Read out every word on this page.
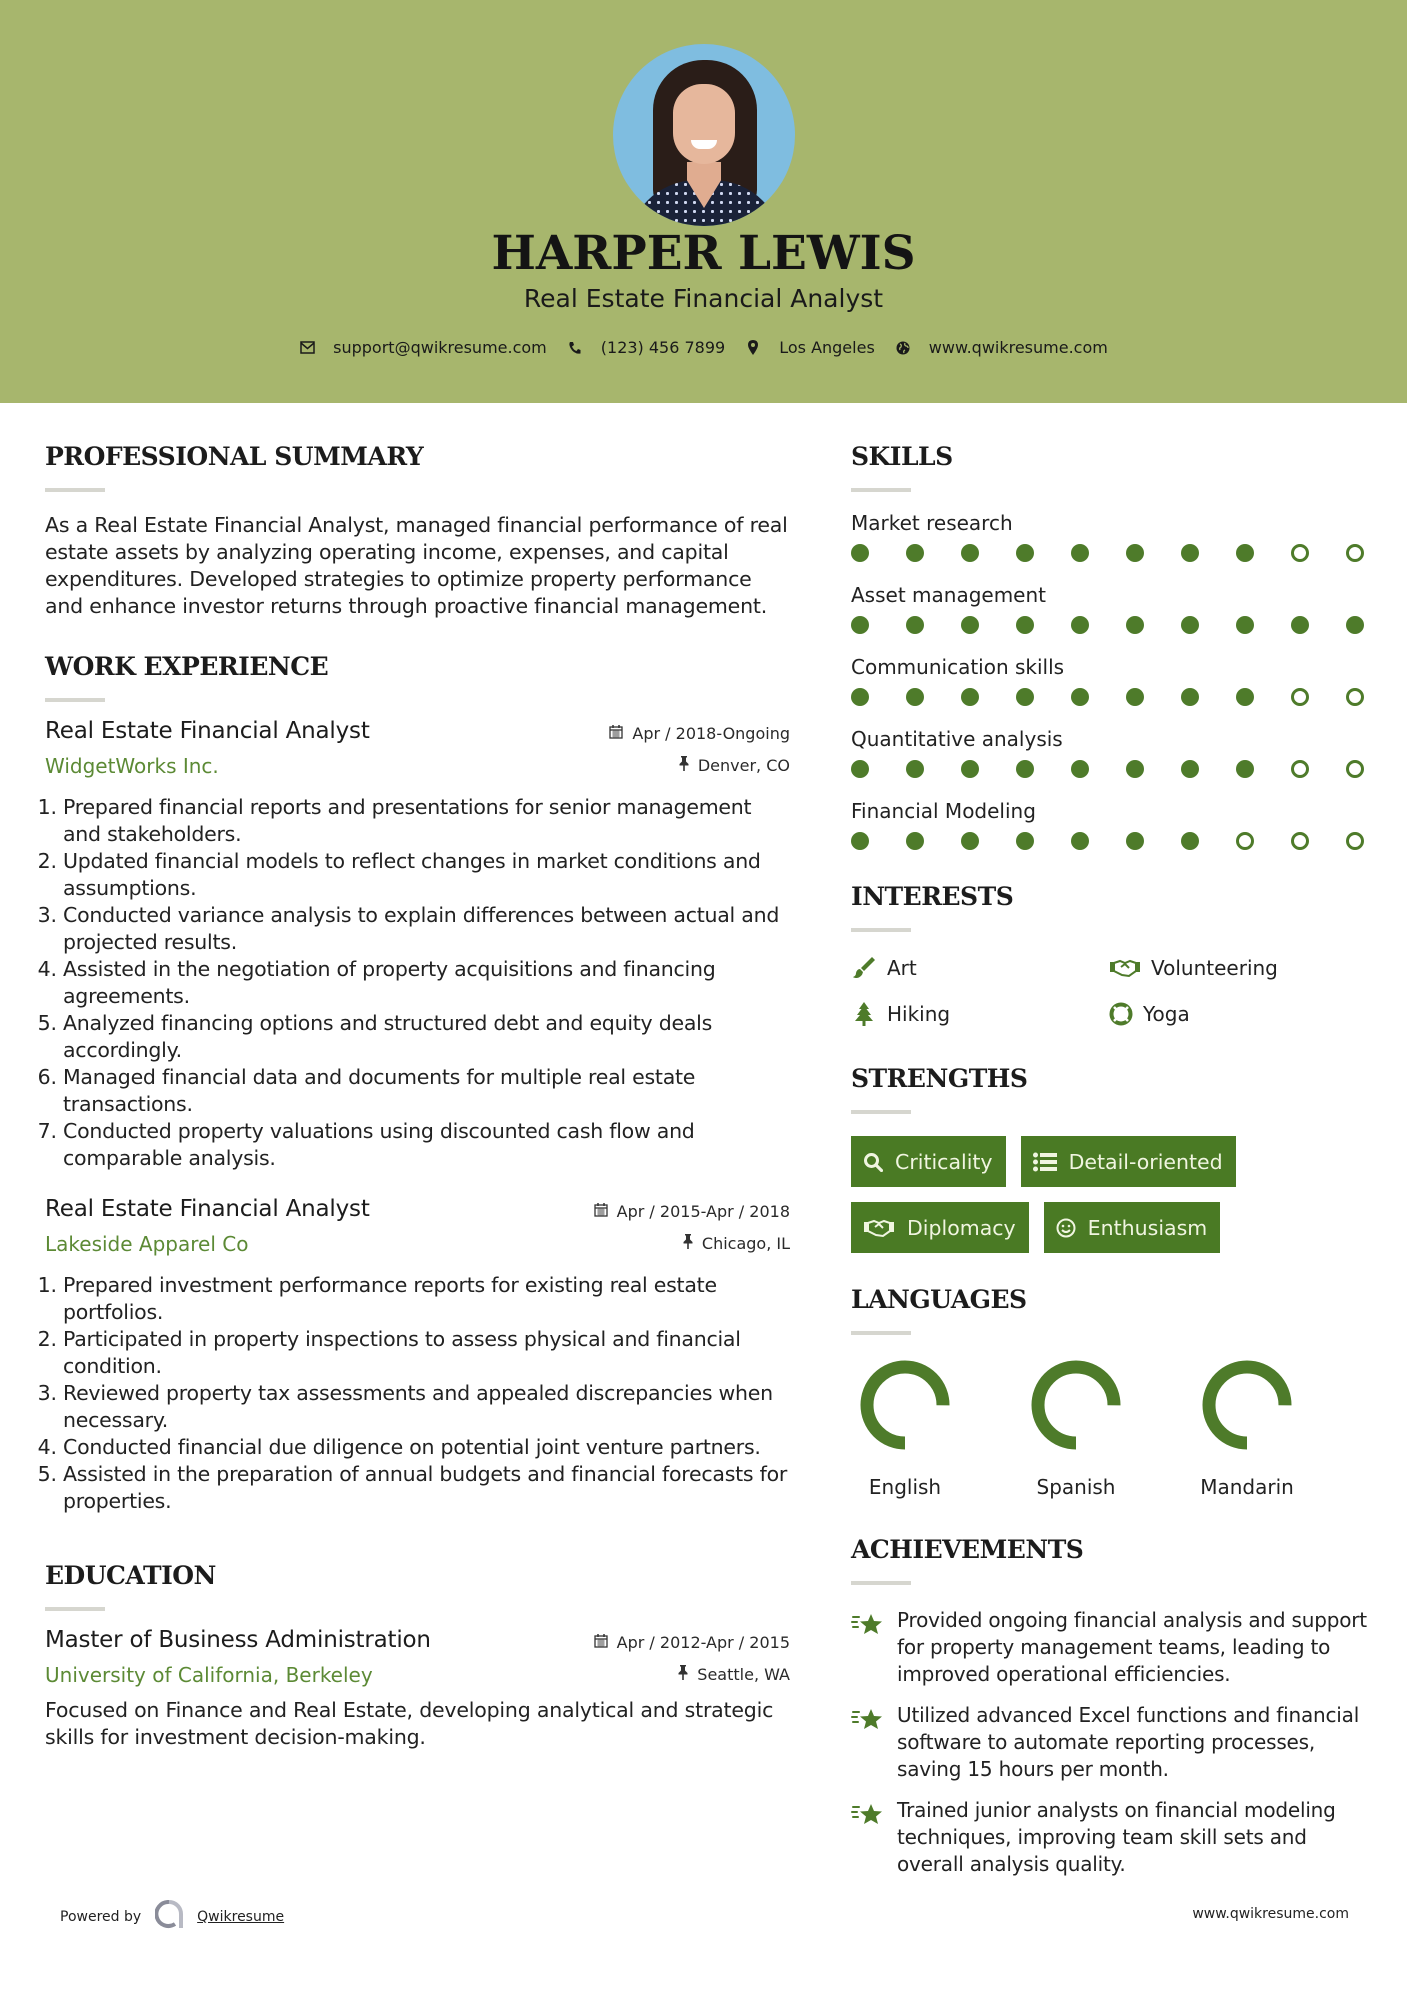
HARPER LEWIS
Real Estate Financial Analyst
support@qwikresume.com	(123) 456 7899	Los Angeles	www.qwikresume.com
PROFESSIONAL SUMMARY

As a Real Estate Financial Analyst, managed financial performance of real estate assets by analyzing operating income, expenses, and capital expenditures. Developed strategies to optimize property performance and enhance investor returns through proactive financial management.

WORK EXPERIENCE
Real Estate Financial Analyst	Apr / 2018-Ongoing
WidgetWorks Inc.	Denver, CO
1. Prepared financial reports and presentations for senior management and stakeholders.
2. Updated financial models to reflect changes in market conditions and assumptions.
3. Conducted variance analysis to explain differences between actual and projected results.
4. Assisted in the negotiation of property acquisitions and financing agreements.
5. Analyzed financing options and structured debt and equity deals accordingly.
6. Managed financial data and documents for multiple real estate transactions.
7. Conducted property valuations using discounted cash flow and comparable analysis.
Real Estate Financial Analyst	Apr / 2015-Apr / 2018
Lakeside Apparel Co	Chicago, IL
1. Prepared investment performance reports for existing real estate portfolios.
2. Participated in property inspections to assess physical and financial condition.
3. Reviewed property tax assessments and appealed discrepancies when necessary.
4. Conducted financial due diligence on potential joint venture partners.
5. Assisted in the preparation of annual budgets and financial forecasts for properties.
EDUCATION
Master of Business Administration	Apr / 2012-Apr / 2015
University of California, Berkeley	Seattle, WA

Focused on Finance and Real Estate, developing analytical and strategic skills for investment decision-making.

SKILLS
Market research
Asset management
Communication skills
Quantitative analysis
Financial Modeling
INTERESTS
Art	Volunteering
Hiking	Yoga
STRENGTHS
Criticality	Detail-oriented
Diplomacy	Enthusiasm
LANGUAGES
English	Spanish	Mandarin
ACHIEVEMENTS
Provided ongoing financial analysis and support for property management teams, leading to improved operational efficiencies.
Utilized advanced Excel functions and financial software to automate reporting processes, saving 15 hours per month.
Trained junior analysts on financial modeling techniques, improving team skill sets and overall analysis quality.
Powered by	Qwikresume	www.qwikresume.com
